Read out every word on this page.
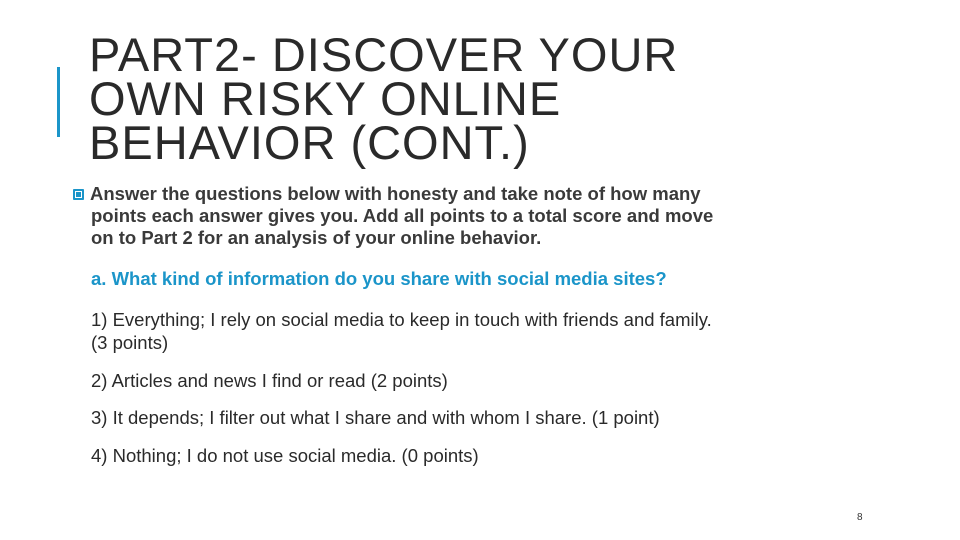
PART2- DISCOVER YOUR
OWN RISKY ONLINE
BEHAVIOR (CONT.)

Answer the questions below with honesty and take note of how many
points each answer gives you. Add all points to a total score and move
on to Part 2 for an analysis of your online behavior.

a. What kind of information do you share with social media sites?

1) Everything; I rely on social media to keep in touch with friends and family.
(3 points)
2) Articles and news I find or read (2 points)
3) It depends; I filter out what I share and with whom I share. (1 point)
4) Nothing; I do not use social media. (0 points)
8
